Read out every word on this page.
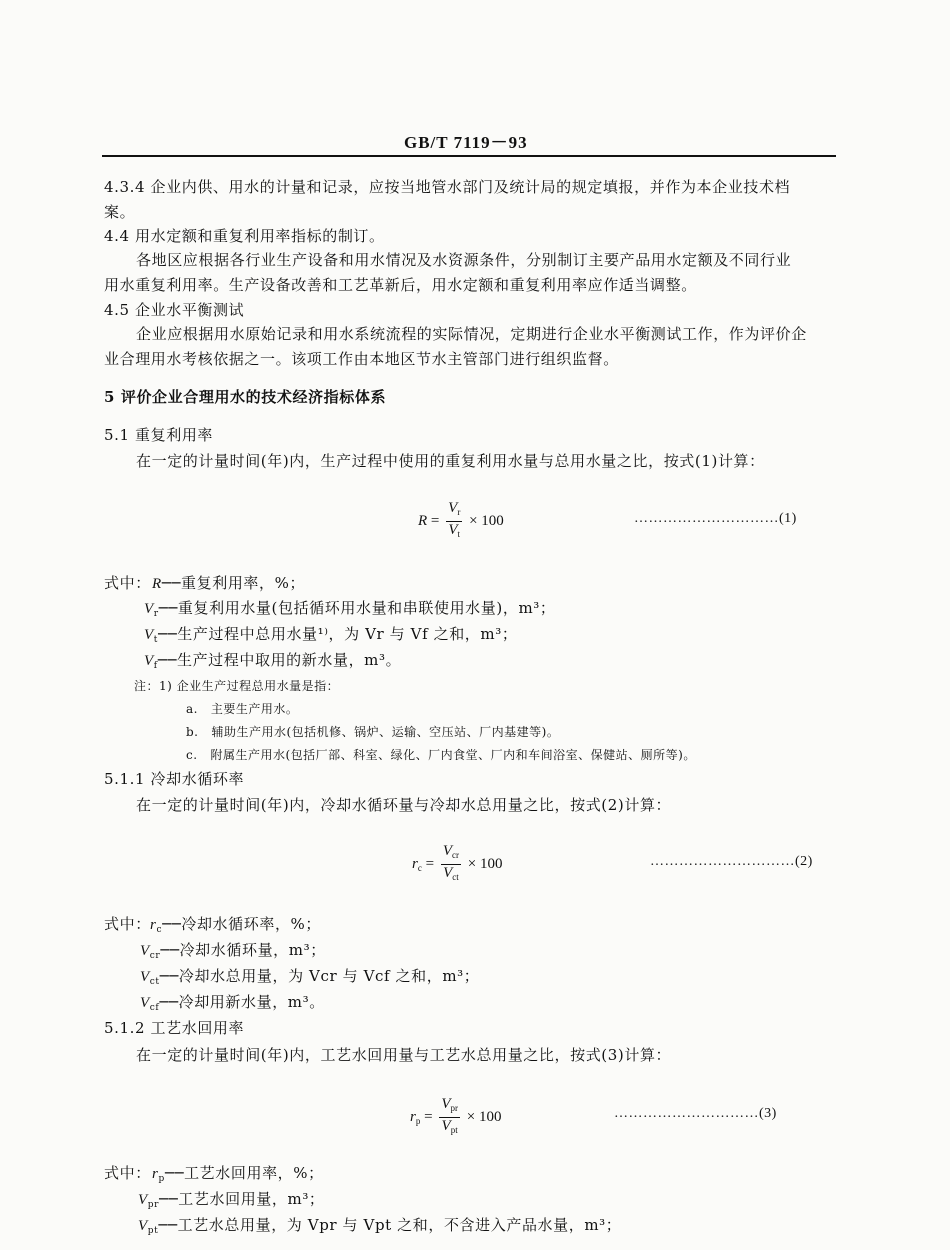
GB/T 7119－93
4.3.4 企业内供、用水的计量和记录，应按当地管水部门及统计局的规定填报，并作为本企业技术档
案。
4.4 用水定额和重复利用率指标的制订。
各地区应根据各行业生产设备和用水情况及水资源条件，分别制订主要产品用水定额及不同行业
用水重复利用率。生产设备改善和工艺革新后，用水定额和重复利用率应作适当调整。
4.5 企业水平衡测试
企业应根据用水原始记录和用水系统流程的实际情况，定期进行企业水平衡测试工作，作为评价企
业合理用水考核依据之一。该项工作由本地区节水主管部门进行组织监督。
5 评价企业合理用水的技术经济指标体系
5.1 重复利用率
在一定的计量时间(年)内，生产过程中使用的重复利用水量与总用水量之比，按式(1)计算：
$R = \frac{V_r}{V_t} \times 100$	…………………………(1)
式中： R──重复利用率，%；
$V_r──$重复利用水量(包括循环用水量和串联使用水量)，m³；
$V_t──$生产过程中总用水量¹⁾，为 Vr 与 Vf 之和，m³；
$V_f──$生产过程中取用的新水量，m³。
注：1) 企业生产过程总用水量是指：
a. 主要生产用水。
b. 辅助生产用水(包括机修、锅炉、运输、空压站、厂内基建等)。
c. 附属生产用水(包括厂部、科室、绿化、厂内食堂、厂内和车间浴室、保健站、厕所等)。
5.1.1 冷却水循环率
在一定的计量时间(年)内，冷却水循环量与冷却水总用量之比，按式(2)计算：
$r_c = \frac{V_{cr}}{V_{ct}} \times 100$	…………………………(2)
式中： $r_c──$冷却水循环率，%；
$V_{cr}──$冷却水循环量，m³；
$V_{ct}──$冷却水总用量，为 Vcr 与 Vcf 之和，m³；
$V_{cf}──$冷却用新水量，m³。
5.1.2 工艺水回用率
在一定的计量时间(年)内，工艺水回用量与工艺水总用量之比，按式(3)计算：
$r_p = \frac{V_{pr}}{V_{pt}} \times 100$	…………………………(3)
式中： $r_p──$工艺水回用率，%；
$V_{pr}──$工艺水回用量，m³；
$V_{pt}──$工艺水总用量，为 Vpr 与 Vpt 之和，不含进入产品水量，m³；
